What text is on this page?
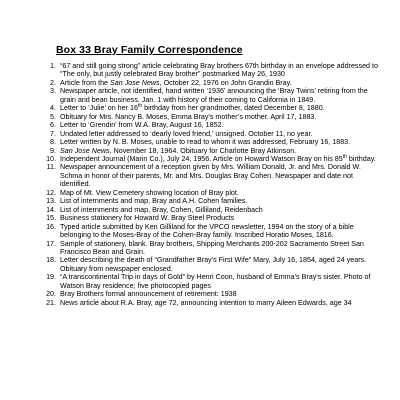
Box 33 Bray Family Correspondence
1. “67 and still going strong” article celebrating Bray brothers 67th birthday in an envelope addressed to “The only, but justly celebrated Bray brother” postmarked May 26, 1930
2. Article from the San Jose News, October 22, 1976 on John Grandin Bray.
3. Newspaper article, not identified, hand written ‘1936’ announcing the ‘Bray Twins’ retiring from the grain and bean business. Jan. 1 with history of their coming to California in 1849.
4. Letter to ‘Julie’ on her 16th birthday from her grandmother, dated December 8, 1880.
5. Obituary for Mrs. Nancy B. Moses, Emma Bray’s mother’s mother. April 17, 1883.
6. Letter to ‘Grendin’ from W.A. Bray, August 16, 1852.
7. Undated letter addressed to ‘dearly loved friend,’ unsigned. October 11, no year.
8. Letter written by N. B. Moses, unable to read to whom it was addressed, February 16, 1883.
9. San Jose News, November 18, 1964. Obituary for Charlotte Bray Atkinson.
10. Independent Journal (Marin Co.), July 24, 1956. Article on Howard Watson Bray on his 85th birthday.
11. Newspaper announcement of a reception given by Mrs. William Donald, Jr. and Mrs. Donald W. Schma in honor of their parents, Mr. and Mrs. Douglas Bray Cohen. Newspaper and date not identified.
12. Map of Mt. View Cemetery showing location of Bray plot.
13. List of internments and map, Bray and A.H. Cohen families.
14. List of internments and map, Bray, Cohen, Gilliland, Reidenbach
15. Business stationery for Howard W. Bray Steel Products
16. Typed article submitted by Ken Gilliland for the VPCO newsletter, 1994 on the story of a bible belonging to the Moses-Bray of the Cohen-Bray family. Inscribed Horatio Moses, 1816.
17. Sample of stationery, blank. Bray brothers, Shipping Merchants 200-202 Sacramento Street San Francisco Bean and Grain.
18. Letter describing the death of “Grandfather Bray’s First Wife” Mary, July 16, 1854, aged 24 years. Obituary from newspaper enclosed.
19. “A transcontinental Trip in days of Gold” by Henri Coon, husband of Emma’s Bray’s sister. Photo of Watson Bray residence; five photocopied pages
20. Bray Brothers formal announcement of retirement: 1938
21. News article about R.A. Bray, age 72, announcing intention to marry Aileen Edwards, age 34
